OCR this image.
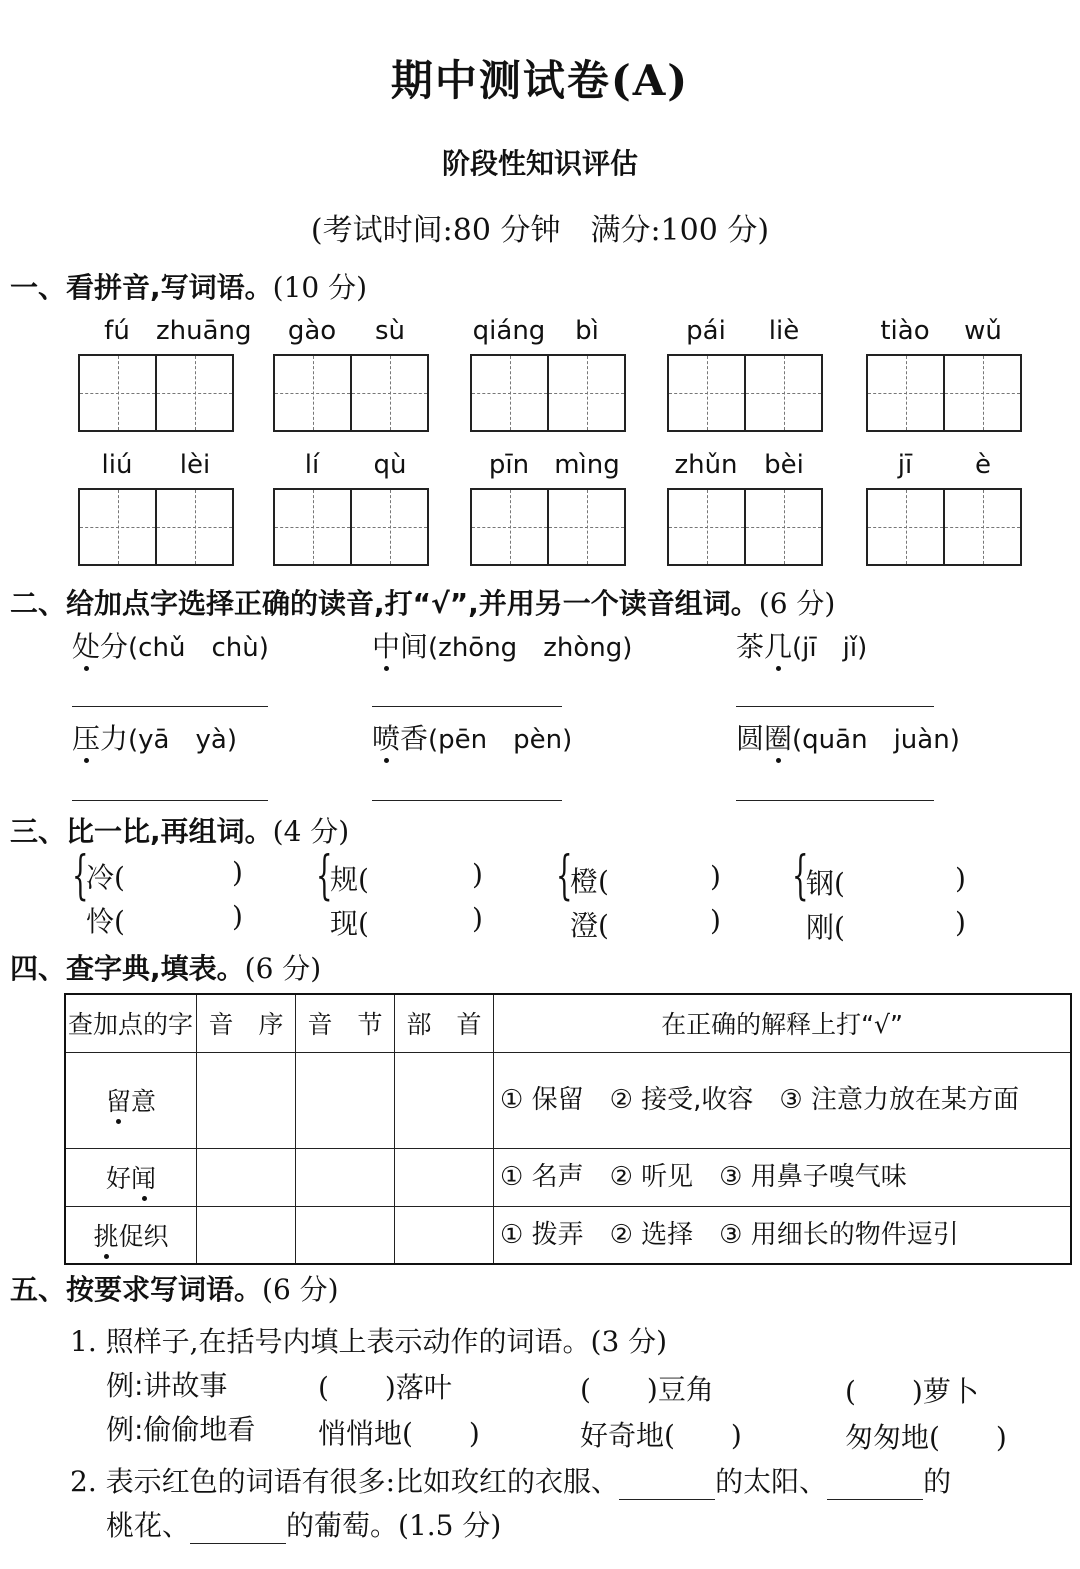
期中测试卷(A)
阶段性知识评估
(考试时间:80 分钟　满分:100 分)
一、看拼音,写词语。(10 分)
fú	zhuāng	gào	sù	qiáng	bì	pái	liè	tiào	wǔ
liú	lèi	lí	qù	pīn mìng zhǔn	bèi	jī	è
二、给加点字选择正确的读音,打“√”,并用另一个读音组词。(6 分)
处分(chǔ  chù)	中间(zhōng  zhòng)	茶几(jī  jǐ)
压力(yā  yà)	喷香(pēn  pèn)	圆圈(quān  juàn)
三、比一比,再组词。(4 分)
{
冷(	)
怜(	)
{
规(	)
现(	)
{
橙(	)
澄(	)
{
钢(	)
刚(	)
四、查字典,填表。(6 分)
查加点的字	音　序	音　节	部　首	在正确的解释上打“√”
留意				① 保留　② 接受,收容　③ 注意力放在某方面
好闻				① 名声　② 听见　③ 用鼻子嗅气味
挑促织				① 拨弄　② 选择　③ 用细长的物件逗引
五、按要求写词语。(6 分)
1. 照样子,在括号内填上表示动作的词语。(3 分)
例:讲故事	(　　)落叶	(　　)豆角	(　　)萝卜
例:偷偷地看 悄悄地(　　)	好奇地(　　)	匆匆地(　　)
2. 表示红色的词语有很多:比如玫红的衣服、	的太阳、	的
桃花、	的葡萄。(1.5 分)
